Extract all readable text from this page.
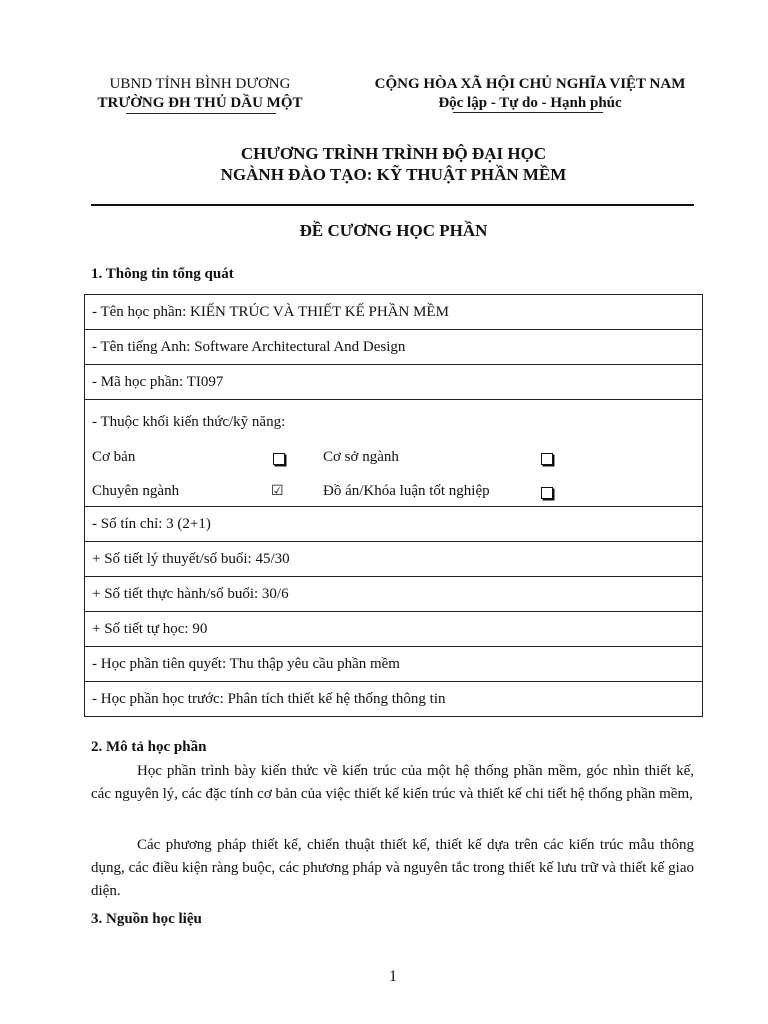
UBND TỈNH BÌNH DƯƠNG
TRƯỜNG ĐH THỦ DẦU MỘT
CỘNG HÒA XÃ HỘI CHỦ NGHĨA VIỆT NAM
Độc lập - Tự do - Hạnh phúc
CHƯƠNG TRÌNH TRÌNH ĐỘ ĐẠI HỌC
NGÀNH ĐÀO TẠO: KỸ THUẬT PHẦN MỀM
ĐỀ CƯƠNG HỌC PHẦN
1. Thông tin tổng quát
- Tên học phần: KIẾN TRÚC VÀ THIẾT KẾ PHẦN MỀM
- Tên tiếng Anh: Software Architectural And Design
- Mã học phần: TI097

- Thuộc khối kiến thức/kỹ năng:
Cơ bản	Cơ sở ngành
Chuyên ngành	☑	Đồ án/Khóa luận tốt nghiệp

- Số tín chỉ: 3 (2+1)
+ Số tiết lý thuyết/số buổi: 45/30
+ Số tiết thực hành/số buổi: 30/6
+ Số tiết tự học: 90
- Học phần tiên quyết: Thu thập yêu cầu phần mềm
- Học phần học trước: Phân tích thiết kế hệ thống thông tin
2. Mô tả học phần
Học phần trình bày kiến thức về kiến trúc của một hệ thống phần mềm, góc nhìn thiết kế, các nguyên lý, các đặc tính cơ bản của việc thiết kế kiến trúc và thiết kế chi tiết hệ thống phần mềm,
Các phương pháp thiết kế, chiến thuật thiết kế, thiết kế dựa trên các kiến trúc mẫu thông dụng, các điều kiện ràng buộc, các phương pháp và nguyên tắc trong thiết kế lưu trữ và thiết kế giao diện.
3. Nguồn học liệu
1
